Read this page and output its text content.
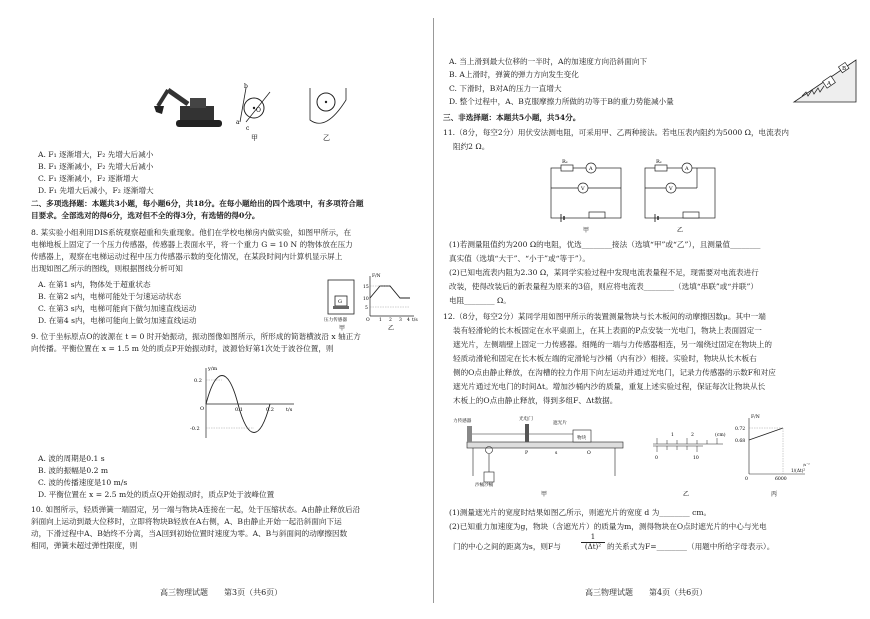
b
a
c
O
甲	乙
A. F₁ 逐渐增大，F₂ 先增大后减小
B. F₁ 逐渐减小，F₂ 先增大后减小
C. F₁ 逐渐减小，F₂ 逐渐增大
D. F₁ 先增大后减小，F₂ 逐渐增大
二、多项选择题：本题共3小题，每小题6分，共18分。在每小题给出的四个选项中，有多项符合题
目要求。全部选对的得6分，选对但不全的得3分，有选错的得0分。
8. 某实验小组利用DIS系统观察超重和失重现象。他们在学校电梯房内做实验，如图甲所示，在
电梯地板上固定了一个压力传感器，传感器上表面水平，将一个重力 G = 10 N 的物体放在压力
传感器上，观察在电梯运动过程中压力传感器示数的变化情况，在某段时间内计算机显示屏上
出现如图乙所示的图线，则根据图线分析可知
A. 在第1 s内，物体处于超重状态
B. 在第2 s内，电梯可能处于匀速运动状态
C. 在第3 s内，电梯可能向下做匀加速直线运动
D. 在第4 s内，电梯可能向上做匀加速直线运动
G
压力传感器
甲
F/N
15
10
5
O 1 2 3 4 t/s
乙
9. 位于坐标原点O的波源在 t = 0 时开始振动，振动图像如图所示，所形成的简谐横波沿 x 轴正方
向传播。平衡位置在 x = 1.5 m 处的质点P开始振动时，波源恰好第1次处于波谷位置，则
y/m
0.2
-0.2
O	0.1	0.2 t/s
A. 波的周期是0.1 s
B. 波的振幅是0.2 m
C. 波的传播速度是10 m/s
D. 平衡位置在 x = 2.5 m处的质点Q开始振动时，质点P处于波峰位置
10. 如图所示，轻质弹簧一端固定，另一端与物块A连接在一起，处于压缩状态。A由静止释放后沿
斜面向上运动到最大位移时，立即将物块B轻放在A右侧，A、B由静止开始一起沿斜面向下运
动，下滑过程中A、B始终不分离，当A回到初始位置时速度为零。A、B与斜面间的动摩擦因数
相同，弹簧未超过弹性限度，则
高三物理试题　　第3页（共6页）
A. 当上滑到最大位移的一半时，A的加速度方向沿斜面向下
B. A上滑时，弹簧的弹力方向发生变化
C. 下滑时，B对A的压力一直增大
D. 整个过程中，A、B克服摩擦力所做的功等于B的重力势能减小量
A
B
三、非选择题：本题共5小题，共54分。
11.（8分，每空2分）用伏安法测电阻，可采用甲、乙两种接法。若电压表内阻约为5000 Ω，电流表内
阻约2 Ω。
Rₓ
A
V
甲
Rₓ
A
V
乙
(1)若测量阻值约为200 Ω的电阻，优选________接法（选填“甲”或“乙”），且测量值________
真实值（选填“大于”、“小于”或“等于”）。
(2)已知电流表内阻为2.30 Ω，某同学实验过程中发现电流表量程不足，现需要对电流表进行
改装，使得改装后的新表量程为原来的3倍，则应将电流表________（选填“串联”或“并联”）
电阻________ Ω。
12.（8分，每空2分）某同学用如图甲所示的装置测量物块与长木板间的动摩擦因数μ。其中一端
装有轻滑轮的长木板固定在水平桌面上，在其上表面的P点安装一光电门，物块上表面固定一
遮光片，左侧端壁上固定一力传感器。细绳的一端与力传感器相连，另一端绕过固定在物块上的
轻质动滑轮和固定在长木板左端的定滑轮与沙桶（内有沙）相接。实验时，物块从长木板右
侧的O点由静止释放，在沟槽的拉力作用下向左运动并通过光电门，记录力传感器的示数F和对应
遮光片通过光电门的时间Δt。增加沙桶内沙的质量，重复上述实验过程，保证每次让物块从长
木板上的O点由静止释放，得到多组F、Δt数据。
力传感器	光电门
遮光片
物块
沙桶沙桶
P	O
s
甲
(cm)
1	2
0	10
乙
F/N
0.72
0.68
0	6000
1/(Δt)²
/s⁻²
丙
(1)测量遮光片的宽度时结果如图乙所示，则遮光片的宽度 d 为________ cm。
(2)已知重力加速度为g，物块（含遮光片）的质量为m，测得物块在O点时遮光片的中心与光电
门的中心之间的距离为s，则F与	$\frac{1}{\text{(Δt)²}}$ 的关系式为F=________（用题中所给字母表示）。
高三物理试题　　第4页（共6页）
